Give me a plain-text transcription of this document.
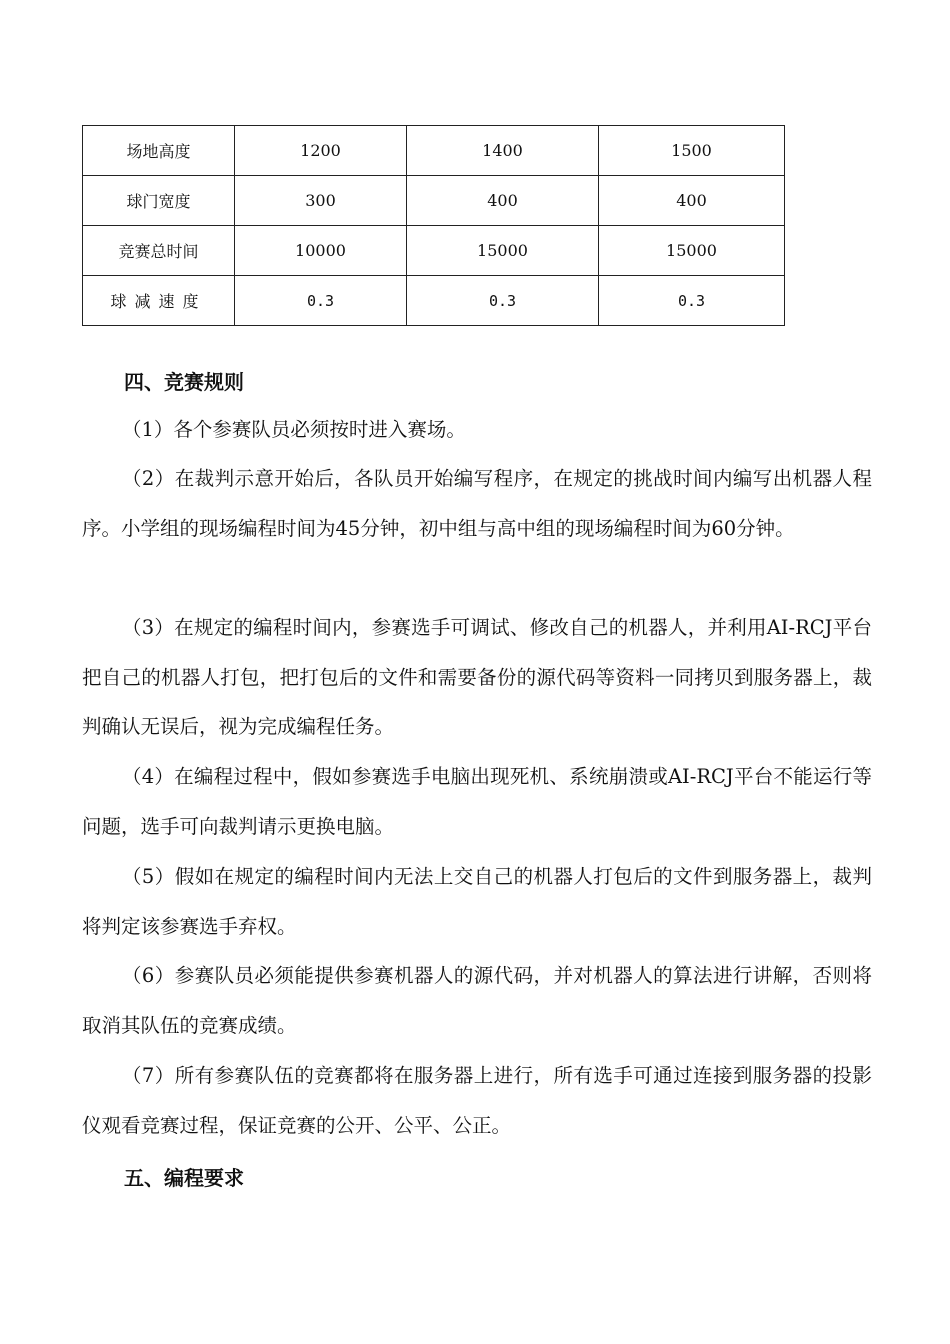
场地高度	1200	1400	1500
球门宽度	300	400	400
竞赛总时间	10000	15000	15000
球减速度	0.3	0.3	0.3
四、竞赛规则

（1）各个参赛队员必须按时进入赛场。

（2）在裁判示意开始后，各队员开始编写程序，在规定的挑战时间内编写出机器人程序。小学组的现场编程时间为45分钟，初中组与高中组的现场编程时间为60分钟。

（3）在规定的编程时间内，参赛选手可调试、修改自己的机器人，并利用AI-RCJ平台把自己的机器人打包，把打包后的文件和需要备份的源代码等资料一同拷贝到服务器上，裁判确认无误后，视为完成编程任务。

（4）在编程过程中，假如参赛选手电脑出现死机、系统崩溃或AI-RCJ平台不能运行等问题，选手可向裁判请示更换电脑。

（5）假如在规定的编程时间内无法上交自己的机器人打包后的文件到服务器上，裁判将判定该参赛选手弃权。

（6）参赛队员必须能提供参赛机器人的源代码，并对机器人的算法进行讲解，否则将取消其队伍的竞赛成绩。

（7）所有参赛队伍的竞赛都将在服务器上进行，所有选手可通过连接到服务器的投影仪观看竞赛过程，保证竞赛的公开、公平、公正。

五、编程要求
